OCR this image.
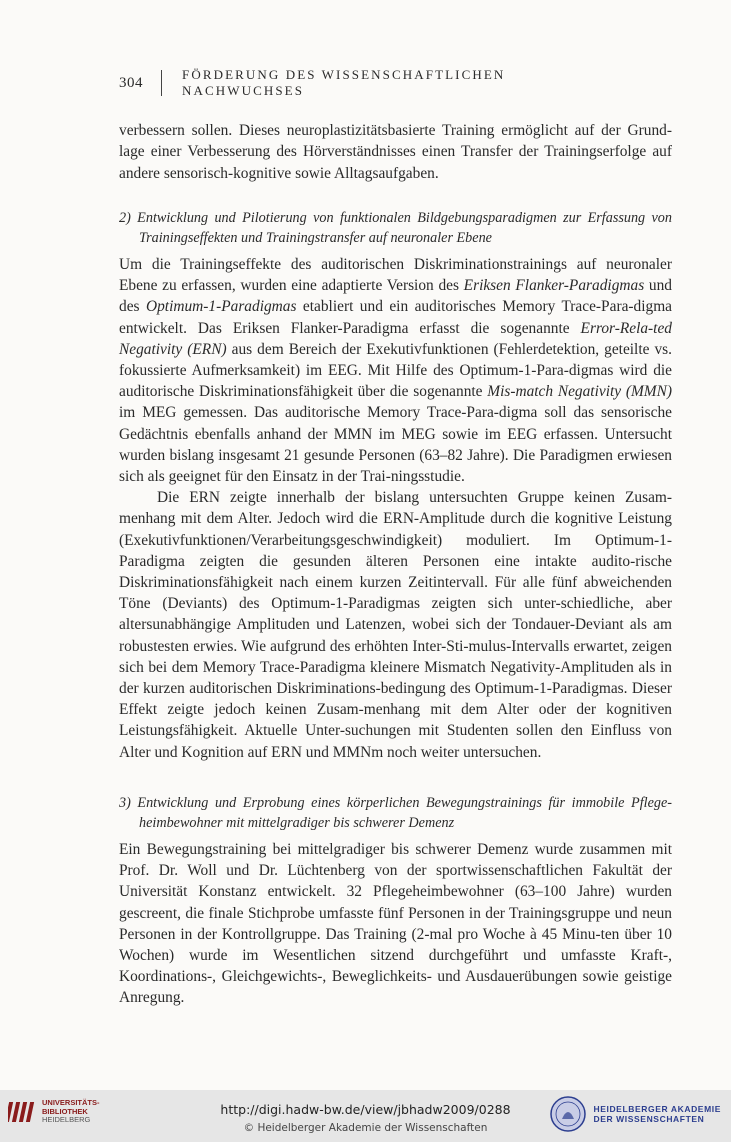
304	FÖRDERUNG DES WISSENSCHAFTLICHEN NACHWUCHSES

verbessern sollen. Dieses neuroplastizitätsbasierte Training ermöglicht auf der Grund-lage einer Verbesserung des Hörverständnisses einen Transfer der Trainingserfolge auf andere sensorisch-kognitive sowie Alltagsaufgaben.

2) Entwicklung und Pilotierung von funktionalen Bildgebungsparadigmen zur Erfassung von Trainingseffekten und Trainingstransfer auf neuronaler Ebene

Um die Trainingseffekte des auditorischen Diskriminationstrainings auf neuronaler Ebene zu erfassen, wurden eine adaptierte Version des Eriksen Flanker-Paradigmas und des Optimum-1-Paradigmas etabliert und ein auditorisches Memory Trace-Para-digma entwickelt. Das Eriksen Flanker-Paradigma erfasst die sogenannte Error-Rela-ted Negativity (ERN) aus dem Bereich der Exekutivfunktionen (Fehlerdetektion, geteilte vs. fokussierte Aufmerksamkeit) im EEG. Mit Hilfe des Optimum-1-Para-digmas wird die auditorische Diskriminationsfähigkeit über die sogenannte Mis-match Negativity (MMN) im MEG gemessen. Das auditorische Memory Trace-Para-digma soll das sensorische Gedächtnis ebenfalls anhand der MMN im MEG sowie im EEG erfassen. Untersucht wurden bislang insgesamt 21 gesunde Personen (63–82 Jahre). Die Paradigmen erwiesen sich als geeignet für den Einsatz in der Trai-ningsstudie.

Die ERN zeigte innerhalb der bislang untersuchten Gruppe keinen Zusam-menhang mit dem Alter. Jedoch wird die ERN-Amplitude durch die kognitive Leistung (Exekutivfunktionen/Verarbeitungsgeschwindigkeit) moduliert. Im Optimum-1-Paradigma zeigten die gesunden älteren Personen eine intakte audito-rische Diskriminationsfähigkeit nach einem kurzen Zeitintervall. Für alle fünf abweichenden Töne (Deviants) des Optimum-1-Paradigmas zeigten sich unter-schiedliche, aber altersunabhängige Amplituden und Latenzen, wobei sich der Tondauer-Deviant als am robustesten erwies. Wie aufgrund des erhöhten Inter-Sti-mulus-Intervalls erwartet, zeigen sich bei dem Memory Trace-Paradigma kleinere Mismatch Negativity-Amplituden als in der kurzen auditorischen Diskriminations-bedingung des Optimum-1-Paradigmas. Dieser Effekt zeigte jedoch keinen Zusam-menhang mit dem Alter oder der kognitiven Leistungsfähigkeit. Aktuelle Unter-suchungen mit Studenten sollen den Einfluss von Alter und Kognition auf ERN und MMNm noch weiter untersuchen.

3) Entwicklung und Erprobung eines körperlichen Bewegungstrainings für immobile Pflege-heimbewohner mit mittelgradiger bis schwerer Demenz

Ein Bewegungstraining bei mittelgradiger bis schwerer Demenz wurde zusammen mit Prof. Dr. Woll und Dr. Lüchtenberg von der sportwissenschaftlichen Fakultät der Universität Konstanz entwickelt. 32 Pflegeheimbewohner (63–100 Jahre) wurden gescreent, die finale Stichprobe umfasste fünf Personen in der Trainingsgruppe und neun Personen in der Kontrollgruppe. Das Training (2-mal pro Woche à 45 Minu-ten über 10 Wochen) wurde im Wesentlichen sitzend durchgeführt und umfasste Kraft-, Koordinations-, Gleichgewichts-, Beweglichkeits- und Ausdauerübungen sowie geistige Anregung.

UNIVERSITÄTS-
BIBLIOTHEK
HEIDELBERG
http://digi.hadw-bw.de/view/jbhadw2009/0288
© Heidelberger Akademie der Wissenschaften
HEIDELBERGER AKADEMIE
DER WISSENSCHAFTEN
